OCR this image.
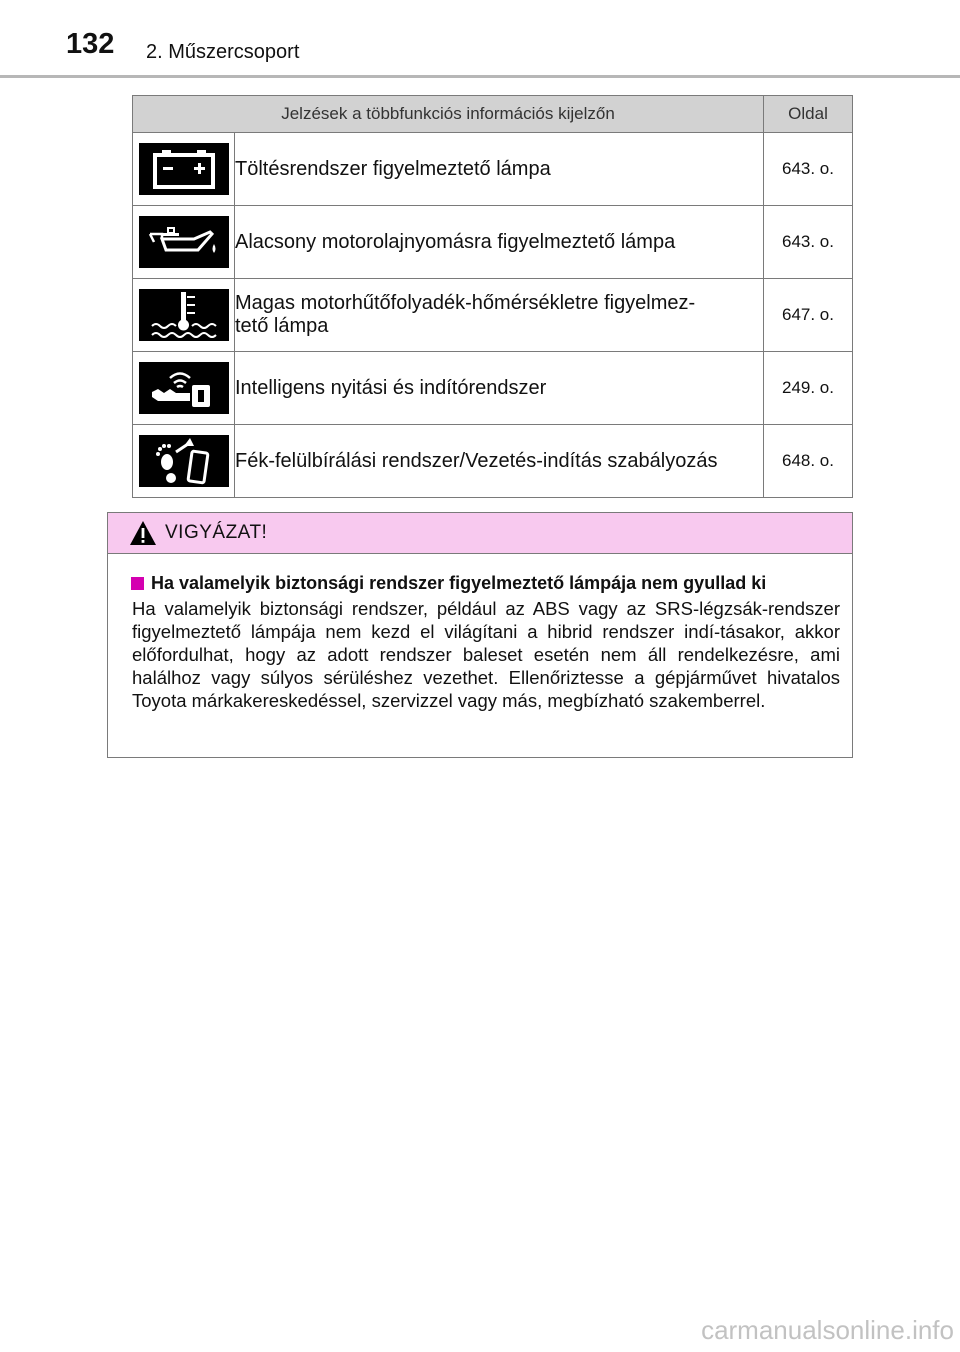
132 2. Műszercsoport
Jelzések a többfunkciós információs kijelzőn		Oldal

	Töltésrendszer figyelmeztető lámpa	643. o.

	Alacsony motorolajnyomásra figyelmeztető lámpa	643. o.

	Magas motorhűtőfolyadék-hőmérsékletre figyelmez-
tető lámpa	647. o.

	Intelligens nyitási és indítórendszer	249. o.

	Fék-felülbírálási rendszer/Vezetés-indítás szabályozás	648. o.
VIGYÁZAT!
Ha valamelyik biztonsági rendszer figyelmeztető lámpája nem gyullad ki

Ha valamelyik biztonsági rendszer, például az ABS vagy az SRS-légzsák-rendszer figyelmeztető lámpája nem kezd el világítani a hibrid rendszer indí-tásakor, akkor előfordulhat, hogy az adott rendszer baleset esetén nem áll rendelkezésre, ami halálhoz vagy súlyos sérüléshez vezethet. Ellenőriztesse a gépjárművet hivatalos Toyota márkakereskedéssel, szervizzel vagy más, megbízható szakemberrel.

carmanualsonline.info
